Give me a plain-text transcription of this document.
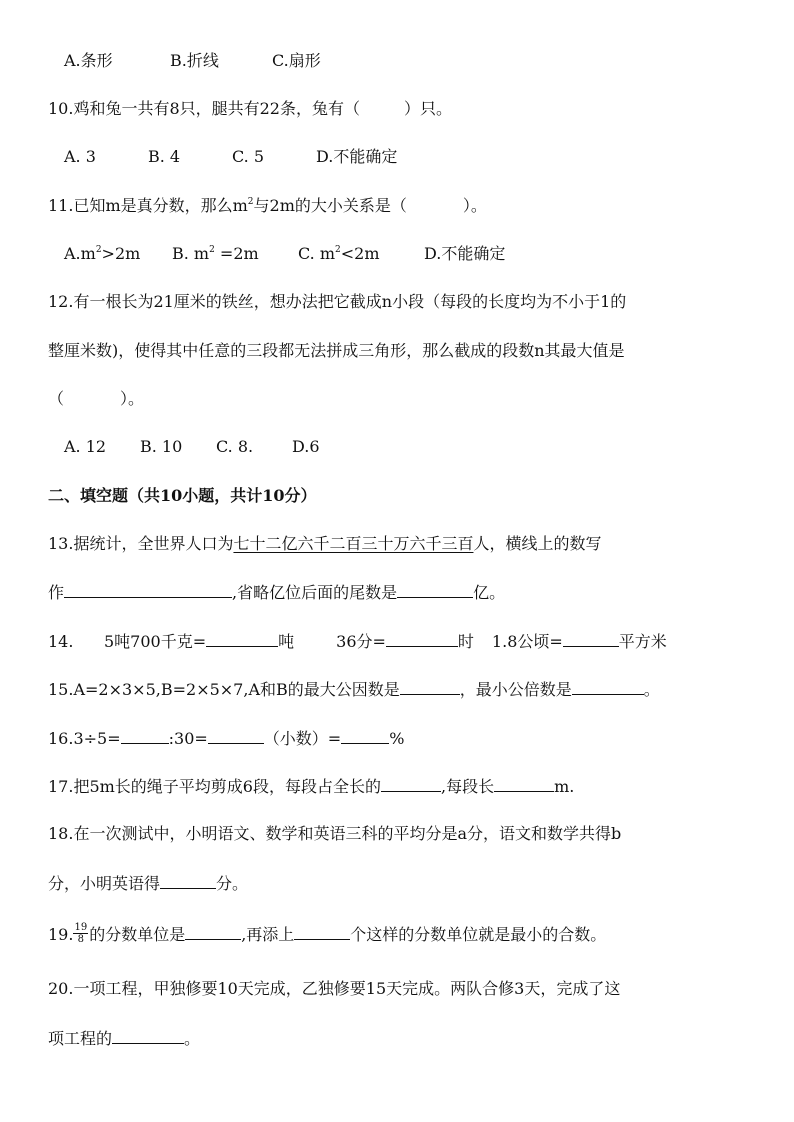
A.条形	B.折线	C.扇形
10.鸡和兔一共有8只，腿共有22条，兔有（	）只。
A. 3	B. 4	C. 5	D.不能确定
11.已知m是真分数，那么$m^2$与2m的大小关系是（	）。
$A.m^2>2m$ B. $m^2 =2m$ C. $m^2<2m$	D.不能确定
12.有一根长为21厘米的铁丝，想办法把它截成n小段（每段的长度均为不小于1的
整厘米数)，使得其中任意的三段都无法拼成三角形，那么截成的段数n其最大值是
（	）。
A. 12 B. 10 C. 8. D.6
二、填空题（共10小题，共计10分）
13.据统计，全世界人口为七十二亿六千二百三十万六千三百人，横线上的数写
作	,省略亿位后面的尾数是	亿。
14. 5吨700千克=	吨	36分=	时 1.8公顷=	平方米
15.A=2×3×5,B=2×5×7,A和B的最大公因数是	，最小公倍数是	。
16.3÷5=	:30=	（小数）=	%
17.把5m长的绳子平均剪成6段，每段占全长的	,每段长	m.
18.在一次测试中，小明语文、数学和英语三科的平均分是a分，语文和数学共得b
分，小明英语得	分。
19. $\frac{19}{8}$ 的分数单位是	,再添上	个这样的分数单位就是最小的合数。
20.一项工程，甲独修要10天完成，乙独修要15天完成。两队合修3天，完成了这
项工程的	。
